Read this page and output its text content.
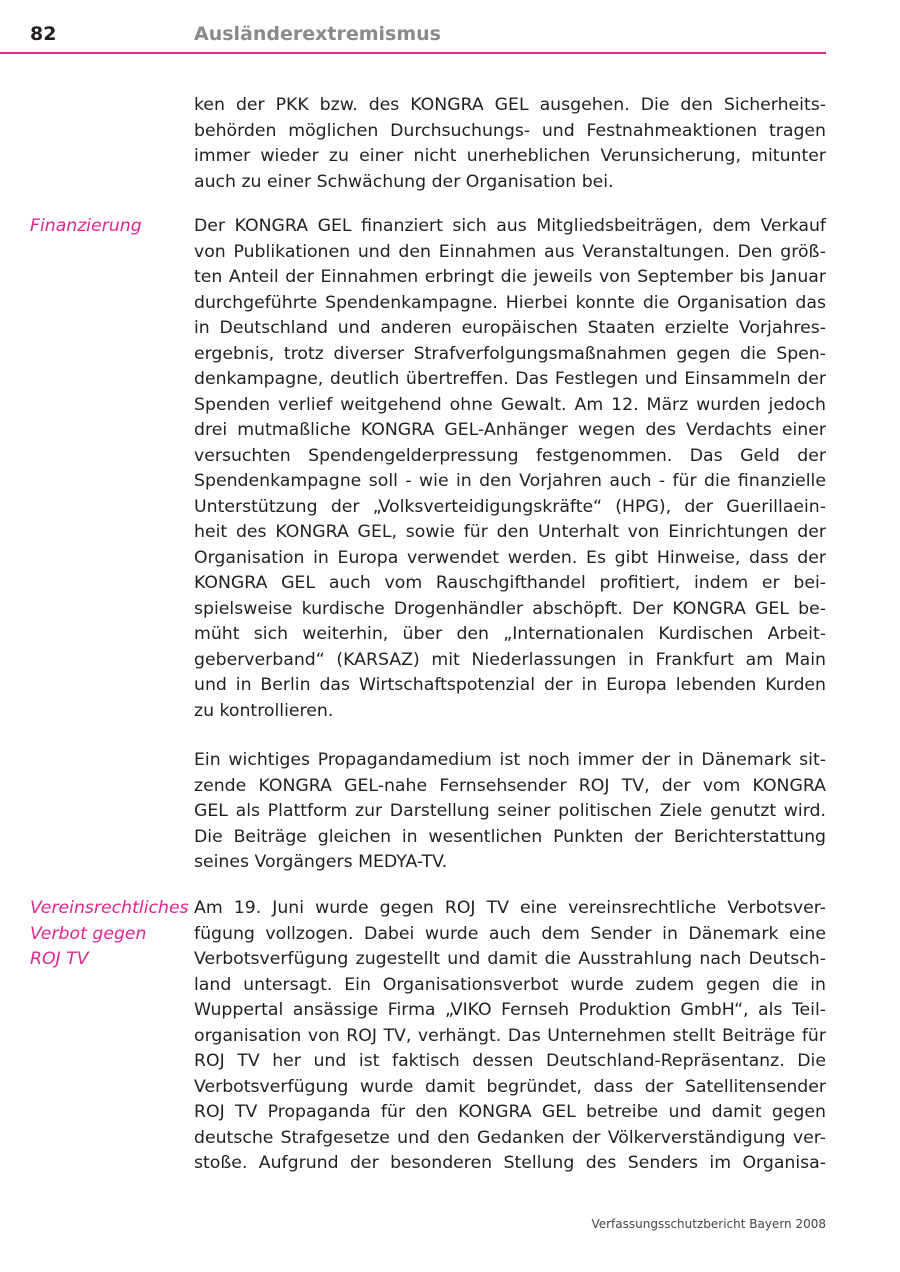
82	Ausländerextremismus
ken der PKK bzw. des KONGRA GEL ausgehen. Die den Sicherheits-
behörden möglichen Durchsuchungs- und Festnahmeaktionen tragen
immer wieder zu einer nicht unerheblichen Verunsicherung, mitunter
auch zu einer Schwächung der Organisation bei.
Finanzierung	Der KONGRA GEL finanziert sich aus Mitgliedsbeiträgen, dem Verkauf
von Publikationen und den Einnahmen aus Veranstaltungen. Den größ-
ten Anteil der Einnahmen erbringt die jeweils von September bis Januar
durchgeführte Spendenkampagne. Hierbei konnte die Organisation das
in Deutschland und anderen europäischen Staaten erzielte Vorjahres-
ergebnis, trotz diverser Strafverfolgungsmaßnahmen gegen die Spen-
denkampagne, deutlich übertreffen. Das Festlegen und Einsammeln der
Spenden verlief weitgehend ohne Gewalt. Am 12. März wurden jedoch
drei mutmaßliche KONGRA GEL-Anhänger wegen des Verdachts einer
versuchten Spendengelderpressung festgenommen. Das Geld der
Spendenkampagne soll - wie in den Vorjahren auch - für die finanzielle
Unterstützung der „Volksverteidigungskräfte“ (HPG), der Guerillaein-
heit des KONGRA GEL, sowie für den Unterhalt von Einrichtungen der
Organisation in Europa verwendet werden. Es gibt Hinweise, dass der
KONGRA GEL auch vom Rauschgifthandel profitiert, indem er bei-
spielsweise kurdische Drogenhändler abschöpft. Der KONGRA GEL be-
müht sich weiterhin, über den „Internationalen Kurdischen Arbeit-
geberverband“ (KARSAZ) mit Niederlassungen in Frankfurt am Main
und in Berlin das Wirtschaftspotenzial der in Europa lebenden Kurden
zu kontrollieren.
Ein wichtiges Propagandamedium ist noch immer der in Dänemark sit-
zende KONGRA GEL-nahe Fernsehsender ROJ TV, der vom KONGRA
GEL als Plattform zur Darstellung seiner politischen Ziele genutzt wird.
Die Beiträge gleichen in wesentlichen Punkten der Berichterstattung
seines Vorgängers MEDYA-TV.
Vereinsrechtliches
Verbot gegen
ROJ TV
Am 19. Juni wurde gegen ROJ TV eine vereinsrechtliche Verbotsver-
fügung vollzogen. Dabei wurde auch dem Sender in Dänemark eine
Verbotsverfügung zugestellt und damit die Ausstrahlung nach Deutsch-
land untersagt. Ein Organisationsverbot wurde zudem gegen die in
Wuppertal ansässige Firma „VIKO Fernseh Produktion GmbH“, als Teil-
organisation von ROJ TV, verhängt. Das Unternehmen stellt Beiträge für
ROJ TV her und ist faktisch dessen Deutschland-Repräsentanz. Die
Verbotsverfügung wurde damit begründet, dass der Satellitensender
ROJ TV Propaganda für den KONGRA GEL betreibe und damit gegen
deutsche Strafgesetze und den Gedanken der Völkerverständigung ver-
stoße. Aufgrund der besonderen Stellung des Senders im Organisa-
Verfassungsschutzbericht Bayern 2008
